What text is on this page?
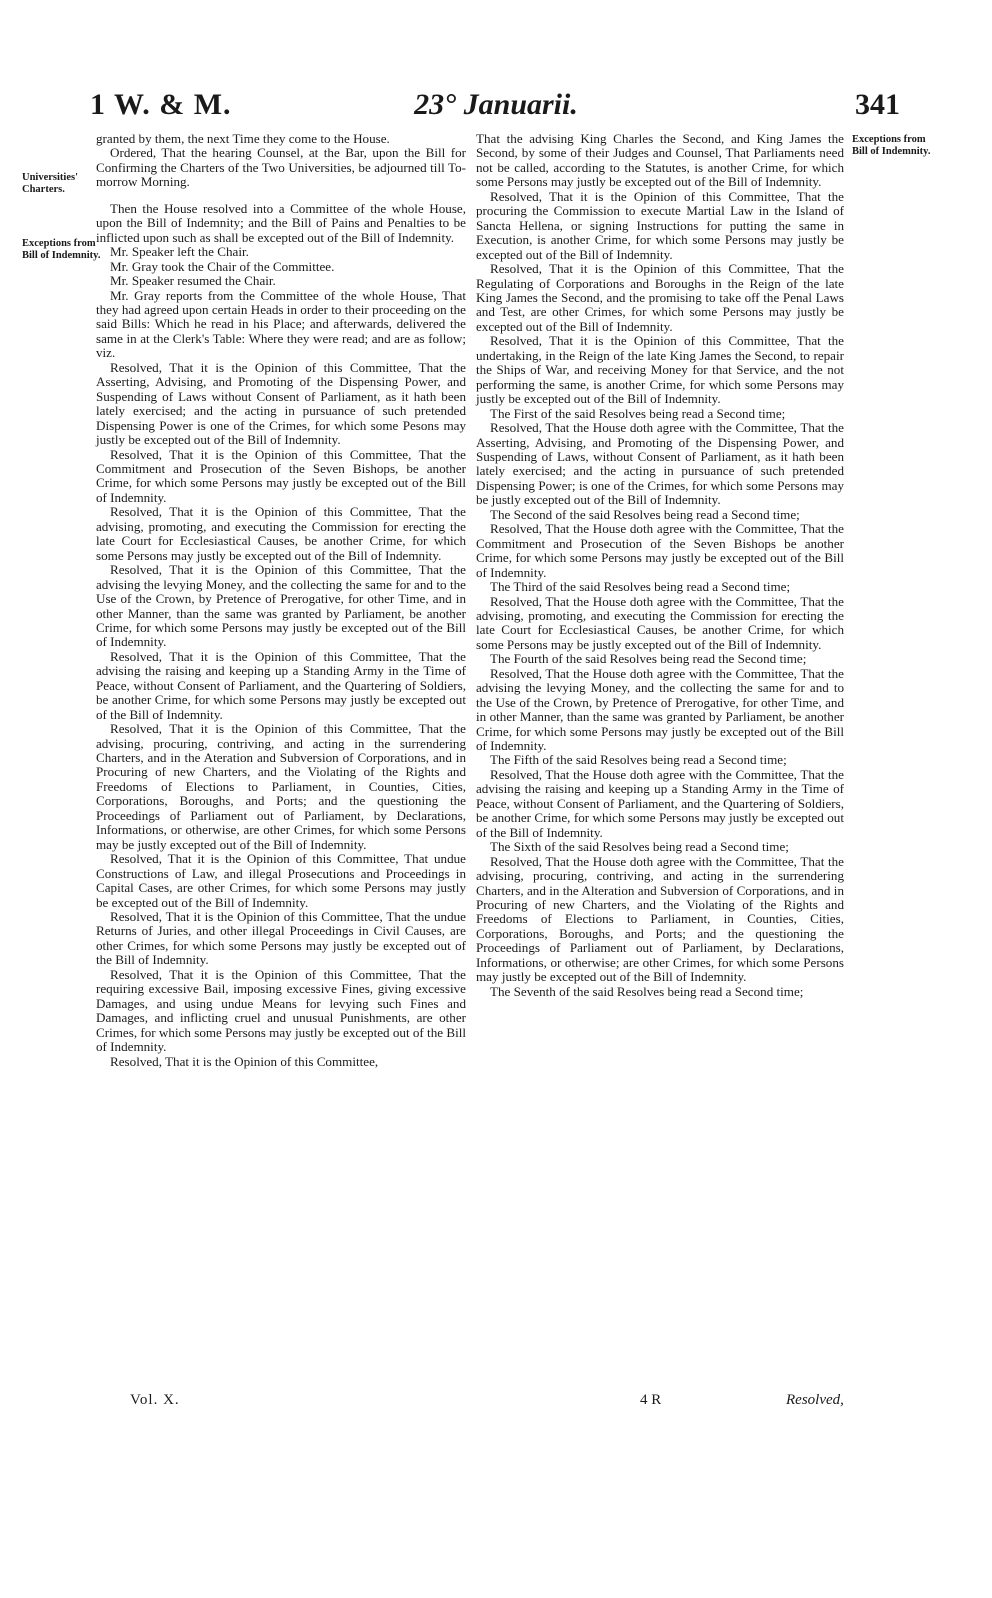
1 W. & M.	23° Januarii.	341
Universities' Charters.
Exceptions from Bill of Indemnity.
Exceptions from Bill of Indemnity.

granted by them, the next Time they come to the House.

Ordered, That the hearing Counsel, at the Bar, upon the Bill for Confirming the Charters of the Two Universities, be adjourned till To-morrow Morning.

Then the House resolved into a Committee of the whole House, upon the Bill of Indemnity; and the Bill of Pains and Penalties to be inflicted upon such as shall be excepted out of the Bill of Indemnity.

Mr. Speaker left the Chair.

Mr. Gray took the Chair of the Committee.

Mr. Speaker resumed the Chair.

Mr. Gray reports from the Committee of the whole House, That they had agreed upon certain Heads in order to their proceeding on the said Bills: Which he read in his Place; and afterwards, delivered the same in at the Clerk's Table: Where they were read; and are as follow; viz.

Resolved, That it is the Opinion of this Committee, That the Asserting, Advising, and Promoting of the Dispensing Power, and Suspending of Laws without Consent of Parliament, as it hath been lately exercised; and the acting in pursuance of such pretended Dispensing Power is one of the Crimes, for which some Pesons may justly be excepted out of the Bill of Indemnity.

Resolved, That it is the Opinion of this Committee, That the Commitment and Prosecution of the Seven Bishops, be another Crime, for which some Persons may justly be excepted out of the Bill of Indemnity.

Resolved, That it is the Opinion of this Committee, That the advising, promoting, and executing the Commission for erecting the late Court for Ecclesiastical Causes, be another Crime, for which some Persons may justly be excepted out of the Bill of Indemnity.

Resolved, That it is the Opinion of this Committee, That the advising the levying Money, and the collecting the same for and to the Use of the Crown, by Pretence of Prerogative, for other Time, and in other Manner, than the same was granted by Parliament, be another Crime, for which some Persons may justly be excepted out of the Bill of Indemnity.

Resolved, That it is the Opinion of this Committee, That the advising the raising and keeping up a Standing Army in the Time of Peace, without Consent of Parliament, and the Quartering of Soldiers, be another Crime, for which some Persons may justly be excepted out of the Bill of Indemnity.

Resolved, That it is the Opinion of this Committee, That the advising, procuring, contriving, and acting in the surrendering Charters, and in the Ateration and Subversion of Corporations, and in Procuring of new Charters, and the Violating of the Rights and Freedoms of Elections to Parliament, in Counties, Cities, Corporations, Boroughs, and Ports; and the questioning the Proceedings of Parliament out of Parliament, by Declarations, Informations, or otherwise, are other Crimes, for which some Persons may be justly excepted out of the Bill of Indemnity.

Resolved, That it is the Opinion of this Committee, That undue Constructions of Law, and illegal Prosecutions and Proceedings in Capital Cases, are other Crimes, for which some Persons may justly be excepted out of the Bill of Indemnity.

Resolved, That it is the Opinion of this Committee, That the undue Returns of Juries, and other illegal Proceedings in Civil Causes, are other Crimes, for which some Persons may justly be excepted out of the Bill of Indemnity.

Resolved, That it is the Opinion of this Committee, That the requiring excessive Bail, imposing excessive Fines, giving excessive Damages, and using undue Means for levying such Fines and Damages, and inflicting cruel and unusual Punishments, are other Crimes, for which some Persons may justly be excepted out of the Bill of Indemnity.

Resolved, That it is the Opinion of this Committee,

That the advising King Charles the Second, and King James the Second, by some of their Judges and Counsel, That Parliaments need not be called, according to the Statutes, is another Crime, for which some Persons may justly be excepted out of the Bill of Indemnity.

Resolved, That it is the Opinion of this Committee, That the procuring the Commission to execute Martial Law in the Island of Sancta Hellena, or signing Instructions for putting the same in Execution, is another Crime, for which some Persons may justly be excepted out of the Bill of Indemnity.

Resolved, That it is the Opinion of this Committee, That the Regulating of Corporations and Boroughs in the Reign of the late King James the Second, and the promising to take off the Penal Laws and Test, are other Crimes, for which some Persons may justly be excepted out of the Bill of Indemnity.

Resolved, That it is the Opinion of this Committee, That the undertaking, in the Reign of the late King James the Second, to repair the Ships of War, and receiving Money for that Service, and the not performing the same, is another Crime, for which some Persons may justly be excepted out of the Bill of Indemnity.

The First of the said Resolves being read a Second time;

Resolved, That the House doth agree with the Committee, That the Asserting, Advising, and Promoting of the Dispensing Power, and Suspending of Laws, without Consent of Parliament, as it hath been lately exercised; and the acting in pursuance of such pretended Dispensing Power; is one of the Crimes, for which some Persons may be justly excepted out of the Bill of Indemnity.

The Second of the said Resolves being read a Second time;

Resolved, That the House doth agree with the Committee, That the Commitment and Prosecution of the Seven Bishops be another Crime, for which some Persons may justly be excepted out of the Bill of Indemnity.

The Third of the said Resolves being read a Second time;

Resolved, That the House doth agree with the Committee, That the advising, promoting, and executing the Commission for erecting the late Court for Ecclesiastical Causes, be another Crime, for which some Persons may be justly excepted out of the Bill of Indemnity.

The Fourth of the said Resolves being read the Second time;

Resolved, That the House doth agree with the Committee, That the advising the levying Money, and the collecting the same for and to the Use of the Crown, by Pretence of Prerogative, for other Time, and in other Manner, than the same was granted by Parliament, be another Crime, for which some Persons may justly be excepted out of the Bill of Indemnity.

The Fifth of the said Resolves being read a Second time;

Resolved, That the House doth agree with the Committee, That the advising the raising and keeping up a Standing Army in the Time of Peace, without Consent of Parliament, and the Quartering of Soldiers, be another Crime, for which some Persons may justly be excepted out of the Bill of Indemnity.

The Sixth of the said Resolves being read a Second time;

Resolved, That the House doth agree with the Committee, That the advising, procuring, contriving, and acting in the surrendering Charters, and in the Alteration and Subversion of Corporations, and in Procuring of new Charters, and the Violating of the Rights and Freedoms of Elections to Parliament, in Counties, Cities, Corporations, Boroughs, and Ports; and the questioning the Proceedings of Parliament out of Parliament, by Declarations, Informations, or otherwise; are other Crimes, for which some Persons may justly be excepted out of the Bill of Indemnity.

The Seventh of the said Resolves being read a Second time;

Vol. X.	4 R	Resolved,
